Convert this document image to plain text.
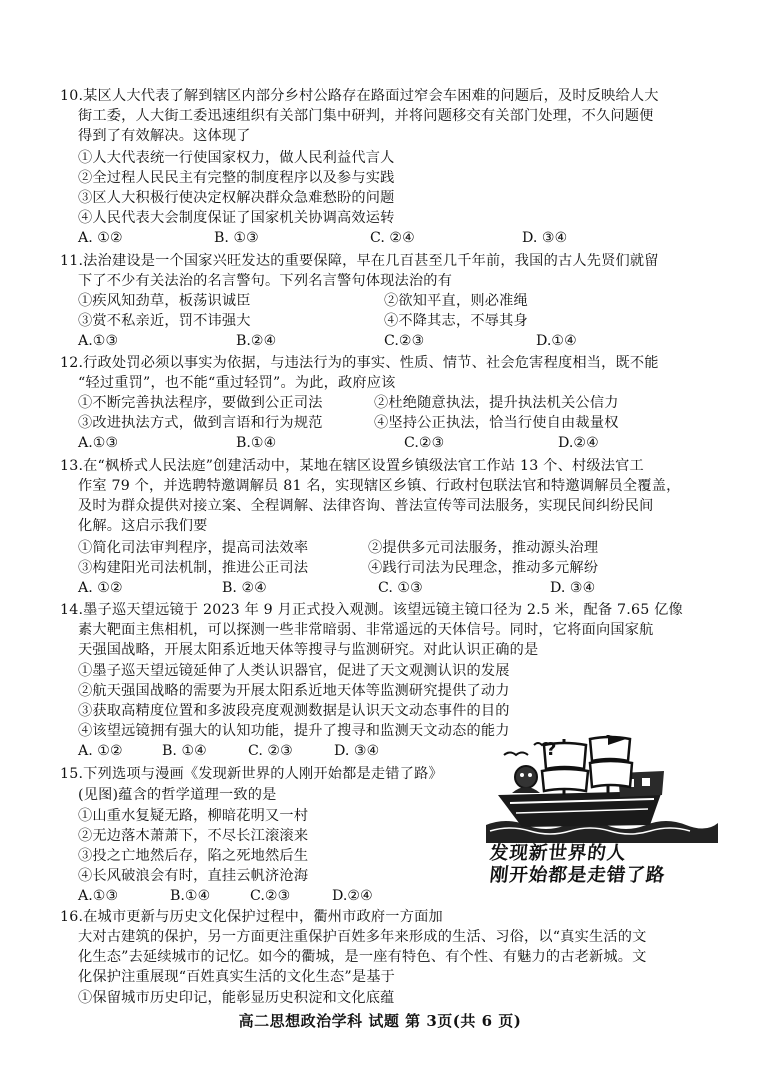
10.某区人大代表了解到辖区内部分乡村公路存在路面过窄会车困难的问题后，及时反映给人大
街工委，人大街工委迅速组织有关部门集中研判，并将问题移交有关部门处理，不久问题便
得到了有效解决。这体现了
①人大代表统一行使国家权力，做人民利益代言人
②全过程人民民主有完整的制度程序以及参与实践
③区人大积极行使决定权解决群众急难愁盼的问题
④人民代表大会制度保证了国家机关协调高效运转
A. ①②	B. ①③	C. ②④	D. ③④
11.法治建设是一个国家兴旺发达的重要保障，早在几百甚至几千年前，我国的古人先贤们就留
下了不少有关法治的名言警句。下列名言警句体现法治的有
①疾风知劲草，板荡识诚臣	②欲知平直，则必准绳
③赏不私亲近，罚不讳强大	④不降其志，不辱其身
A.①③	B.②④	C.②③	D.①④
12.行政处罚必须以事实为依据，与违法行为的事实、性质、情节、社会危害程度相当，既不能
“轻过重罚”，也不能“重过轻罚”。为此，政府应该
①不断完善执法程序，要做到公正司法	②杜绝随意执法，提升执法机关公信力
③改进执法方式，做到言语和行为规范	④坚持公正执法，恰当行使自由裁量权
A.①③	B.①④	C.②③	D.②④
13.在“枫桥式人民法庭”创建活动中，某地在辖区设置乡镇级法官工作站 13 个、村级法官工
作室 79 个，并选聘特邀调解员 81 名，实现辖区乡镇、行政村包联法官和特邀调解员全覆盖，
及时为群众提供对接立案、全程调解、法律咨询、普法宣传等司法服务，实现民间纠纷民间
化解。这启示我们要
①简化司法审判程序，提高司法效率	②提供多元司法服务，推动源头治理
③构建阳光司法机制，推进公正司法	④践行司法为民理念，推动多元解纷
A. ①②	B. ②④	C. ①③	D. ③④
14.墨子巡天望远镜于 2023 年 9 月正式投入观测。该望远镜主镜口径为 2.5 米，配备 7.65 亿像
素大靶面主焦相机，可以探测一些非常暗弱、非常遥远的天体信号。同时，它将面向国家航
天强国战略，开展太阳系近地天体等搜寻与监测研究。对此认识正确的是
①墨子巡天望远镜延伸了人类认识器官，促进了天文观测认识的发展
②航天强国战略的需要为开展太阳系近地天体等监测研究提供了动力
③获取高精度位置和多波段亮度观测数据是认识天文动态事件的目的
④该望远镜拥有强大的认知功能，提升了搜寻和监测天文动态的能力
A. ①②	B. ①④	C. ②③	D. ③④
15.下列选项与漫画《发现新世界的人刚开始都是走错了路》
(见图)蕴含的哲学道理一致的是
①山重水复疑无路，柳暗花明又一村
②无边落木萧萧下，不尽长江滚滚来
③投之亡地然后存，陷之死地然后生
④长风破浪会有时，直挂云帆济沧海
A.①③	B.①④	C.②③	D.②④
?
发现新世界的人
刚开始都是走错了路
16.在城市更新与历史文化保护过程中，衢州市政府一方面加
大对古建筑的保护，另一方面更注重保护百姓多年来形成的生活、习俗，以“真实生活的文
化生态”去延续城市的记忆。如今的衢城，是一座有特色、有个性、有魅力的古老新城。文
化保护注重展现“百姓真实生活的文化生态”是基于
①保留城市历史印记，能彰显历史积淀和文化底蕴
高二思想政治学科 试题 第 3页(共 6 页)
